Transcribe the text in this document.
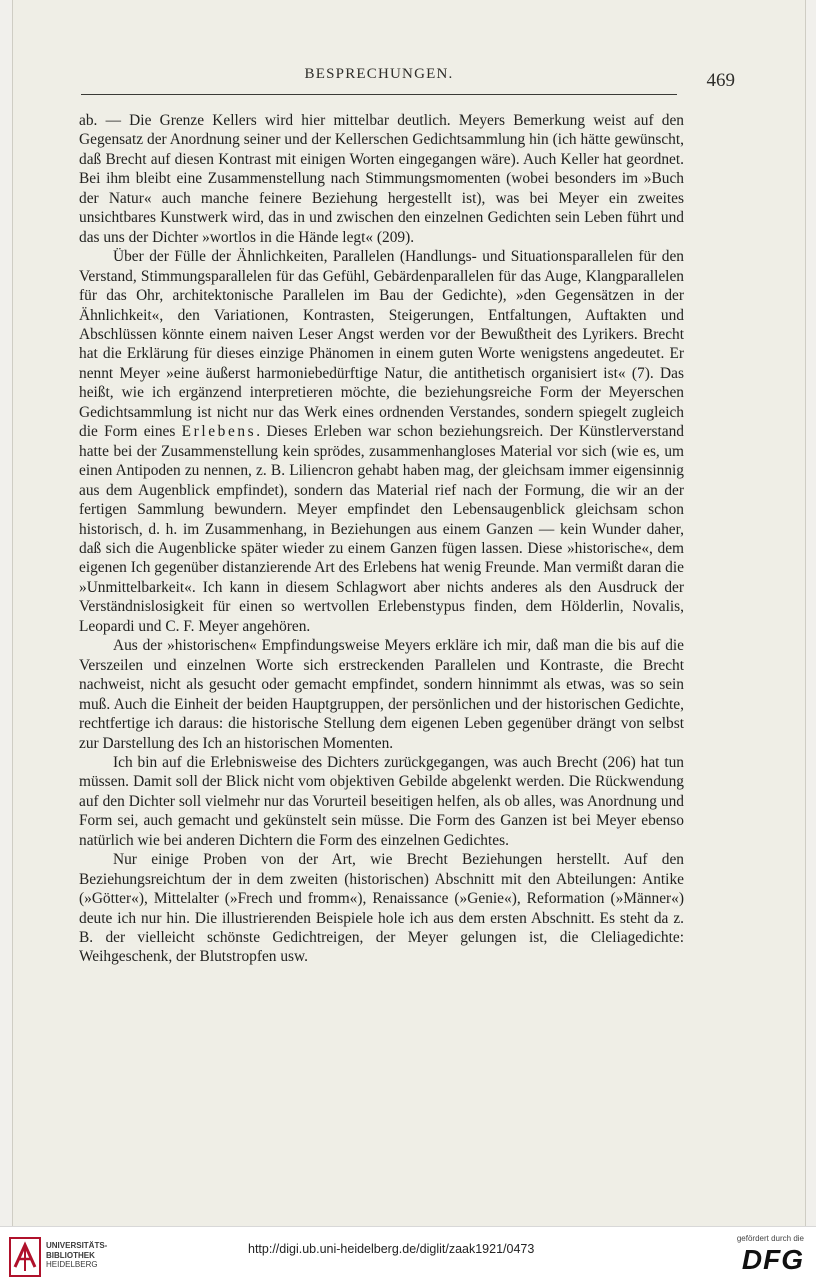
BESPRECHUNGEN.	469

ab. — Die Grenze Kellers wird hier mittelbar deutlich. Meyers Bemerkung weist auf den Gegensatz der Anordnung seiner und der Kellerschen Gedichtsammlung hin (ich hätte gewünscht, daß Brecht auf diesen Kontrast mit einigen Worten eingegangen wäre). Auch Keller hat geordnet. Bei ihm bleibt eine Zusammenstellung nach Stimmungsmomenten (wobei besonders im »Buch der Natur« auch manche feinere Beziehung hergestellt ist), was bei Meyer ein zweites unsichtbares Kunstwerk wird, das in und zwischen den einzelnen Gedichten sein Leben führt und das uns der Dichter »wortlos in die Hände legt« (209).

Über der Fülle der Ähnlichkeiten, Parallelen (Handlungs- und Situationsparallelen für den Verstand, Stimmungsparallelen für das Gefühl, Gebärdenparallelen für das Auge, Klangparallelen für das Ohr, architektonische Parallelen im Bau der Gedichte), »den Gegensätzen in der Ähnlichkeit«, den Variationen, Kontrasten, Steigerungen, Entfaltungen, Auftakten und Abschlüssen könnte einem naiven Leser Angst werden vor der Bewußtheit des Lyrikers. Brecht hat die Erklärung für dieses einzige Phänomen in einem guten Worte wenigstens angedeutet. Er nennt Meyer »eine äußerst harmoniebedürftige Natur, die antithetisch organisiert ist« (7). Das heißt, wie ich ergänzend interpretieren möchte, die beziehungsreiche Form der Meyerschen Gedichtsammlung ist nicht nur das Werk eines ordnenden Verstandes, sondern spiegelt zugleich die Form eines Erlebens. Dieses Erleben war schon beziehungsreich. Der Künstlerverstand hatte bei der Zusammenstellung kein sprödes, zusammenhangloses Material vor sich (wie es, um einen Antipoden zu nennen, z. B. Liliencron gehabt haben mag, der gleichsam immer eigensinnig aus dem Augenblick empfindet), sondern das Material rief nach der Formung, die wir an der fertigen Sammlung bewundern. Meyer empfindet den Lebensaugenblick gleichsam schon historisch, d. h. im Zusammenhang, in Beziehungen aus einem Ganzen — kein Wunder daher, daß sich die Augenblicke später wieder zu einem Ganzen fügen lassen. Diese »historische«, dem eigenen Ich gegenüber distanzierende Art des Erlebens hat wenig Freunde. Man vermißt daran die »Unmittelbarkeit«. Ich kann in diesem Schlagwort aber nichts anderes als den Ausdruck der Verständnislosigkeit für einen so wertvollen Erlebenstypus finden, dem Hölderlin, Novalis, Leopardi und C. F. Meyer angehören.

Aus der »historischen« Empfindungsweise Meyers erkläre ich mir, daß man die bis auf die Verszeilen und einzelnen Worte sich erstreckenden Parallelen und Kontraste, die Brecht nachweist, nicht als gesucht oder gemacht empfindet, sondern hinnimmt als etwas, was so sein muß. Auch die Einheit der beiden Hauptgruppen, der persönlichen und der historischen Gedichte, rechtfertige ich daraus: die historische Stellung dem eigenen Leben gegenüber drängt von selbst zur Darstellung des Ich an historischen Momenten.

Ich bin auf die Erlebnisweise des Dichters zurückgegangen, was auch Brecht (206) hat tun müssen. Damit soll der Blick nicht vom objektiven Gebilde abgelenkt werden. Die Rückwendung auf den Dichter soll vielmehr nur das Vorurteil beseitigen helfen, als ob alles, was Anordnung und Form sei, auch gemacht und gekünstelt sein müsse. Die Form des Ganzen ist bei Meyer ebenso natürlich wie bei anderen Dichtern die Form des einzelnen Gedichtes.

Nur einige Proben von der Art, wie Brecht Beziehungen herstellt. Auf den Beziehungsreichtum der in dem zweiten (historischen) Abschnitt mit den Abteilungen: Antike (»Götter«), Mittelalter (»Frech und fromm«), Renaissance (»Genie«), Reformation (»Männer«) deute ich nur hin. Die illustrierenden Beispiele hole ich aus dem ersten Abschnitt. Es steht da z. B. der vielleicht schönste Gedichtreigen, der Meyer gelungen ist, die Cleliagedichte: Weihgeschenk, der Blutstropfen usw.

UNIVERSITÄTS-
BIBLIOTHEK
HEIDELBERG
http://digi.ub.uni-heidelberg.de/diglit/zaak1921/0473
gefördert durch die
DFG
